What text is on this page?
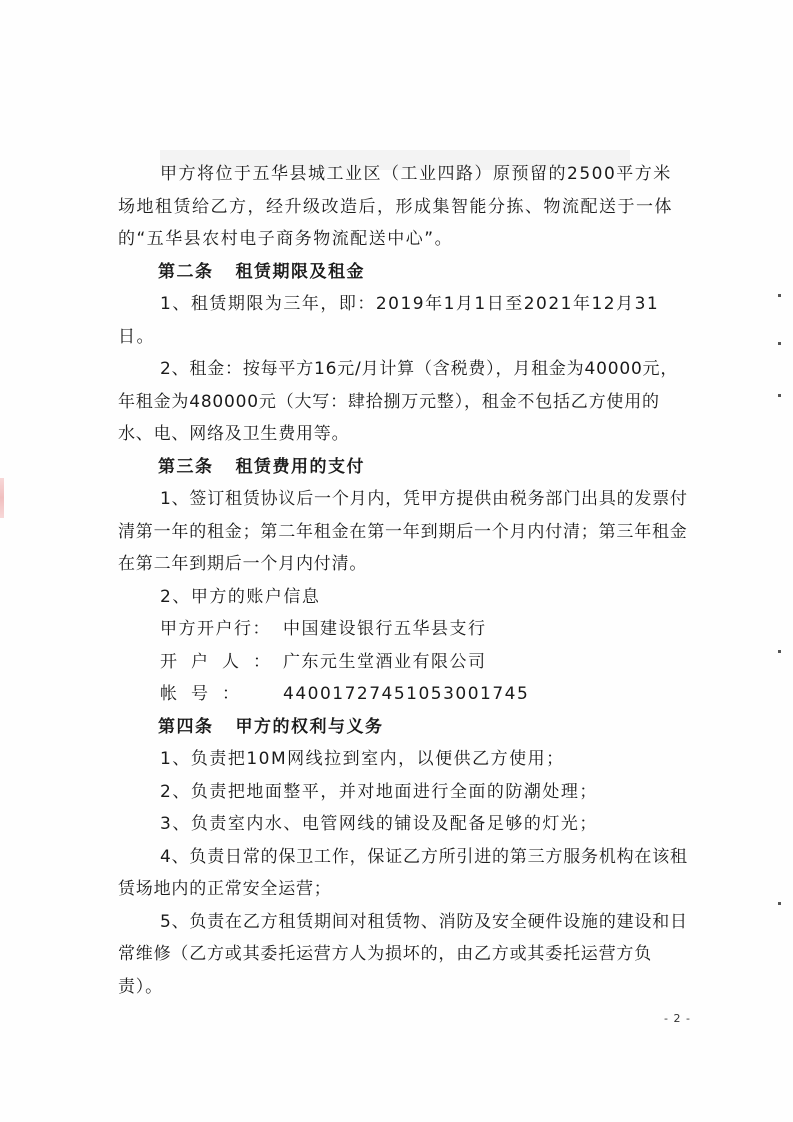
甲方将位于五华县城工业区（工业四路）原预留的2500平方米场地租赁给乙方，经升级改造后，形成集智能分拣、物流配送于一体的“五华县农村电子商务物流配送中心”。

第二条 租赁期限及租金

1、租赁期限为三年，即：2019年1月1日至2021年12月31日。

2、租金：按每平方16元/月计算（含税费），月租金为40000元，年租金为480000元（大写：肆拾捌万元整），租金不包括乙方使用的水、电、网络及卫生费用等。

第三条 租赁费用的支付

1、签订租赁协议后一个月内，凭甲方提供由税务部门出具的发票付清第一年的租金；第二年租金在第一年到期后一个月内付清；第三年租金在第二年到期后一个月内付清。

2、甲方的账户信息

甲方开户行： 中国建设银行五华县支行

开户人：广东元生堂酒业有限公司

帐号： 4400172745105300174​5

第四条 甲方的权利与义务

1、负责把10M网线拉到室内，以便供乙方使用；

2、负责把地面整平，并对地面进行全面的防潮处理；

3、负责室内水、电管网线的铺设及配备足够的灯光；

4、负责日常的保卫工作，保证乙方所引进的第三方服务机构在该租赁场地内的正常安全运营；

5、负责在乙方租赁期间对租赁物、消防及安全硬件设施的建设和日常维修（乙方或其委托运营方人为损坏的，由乙方或其委托运营方负责）。

- 2 -
